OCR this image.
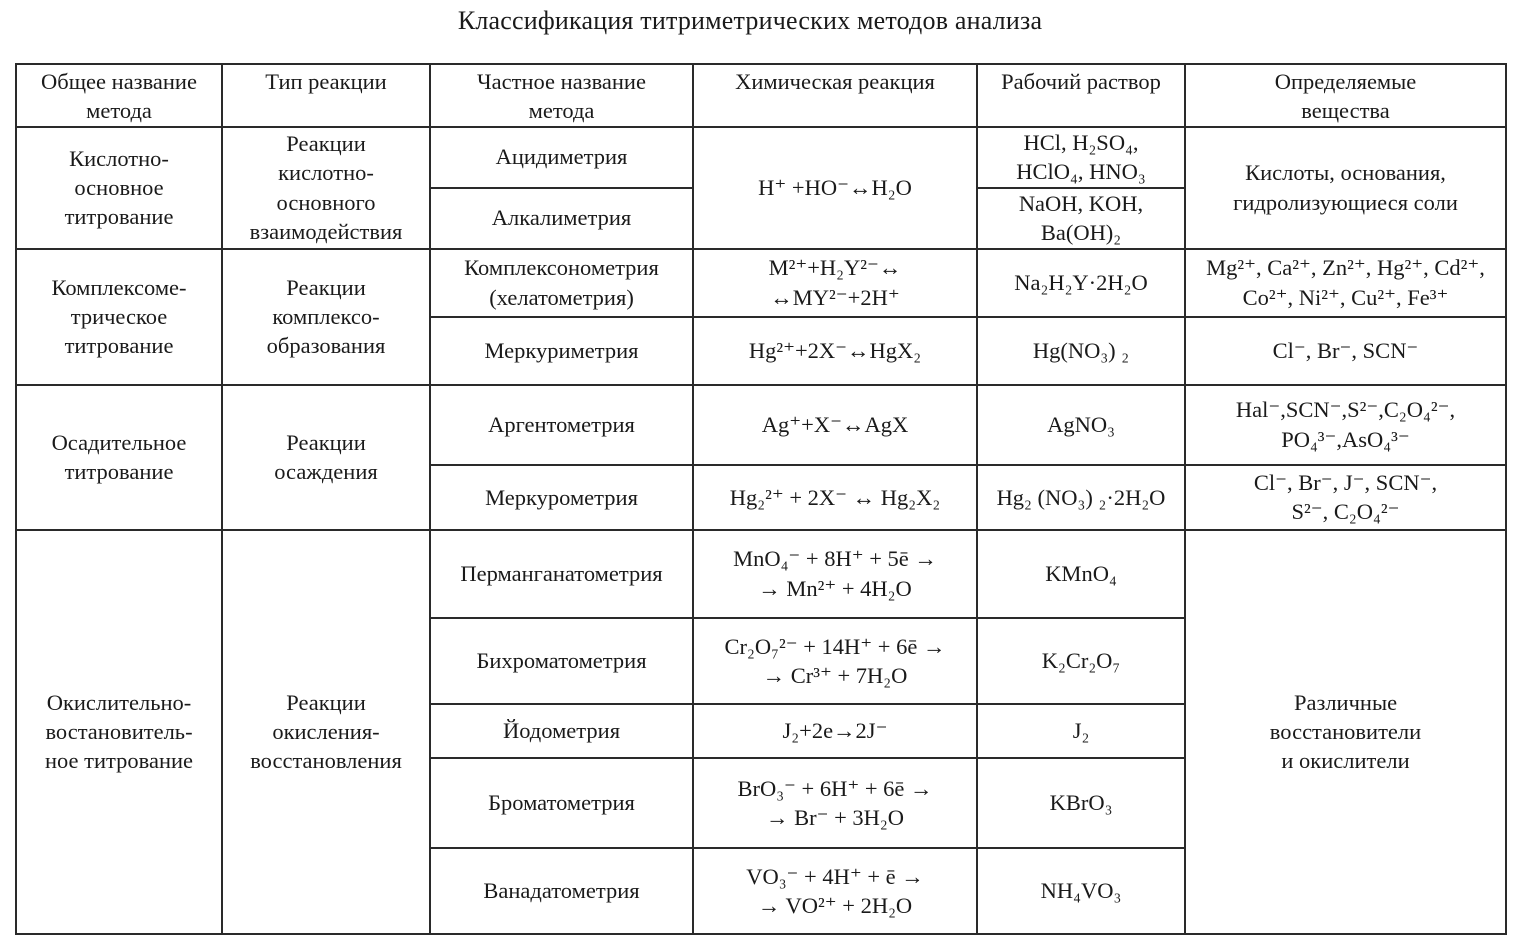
Классификация титриметрических методов анализа
Общее название
метода	Тип реакции	Частное название
метода	Химическая реакция	Рабочий раствор	Определяемые
вещества

Кислотно-
основное
титрование	Реакции
кислотно-
основного
взаимодействия	Ацидиметрия	H⁺ +HO⁻↔H₂O	HCl, H₂SO₄,
HClO₄, HNO₃	Кислоты, основания,
гидролизующиеся соли

		Алкалиметрия		NaOH, KOH,
Ba(OH)₂	

Комплексоме-
трическое
титрование	Реакции
комплексо-
образования	Комплексонометрия
(хелатометрия)	M²⁺+H₂Y²⁻↔
↔MY²⁻+2H⁺	Na₂H₂Y·2H₂O	Mg²⁺, Ca²⁺, Zn²⁺, Hg²⁺, Cd²⁺,
Co²⁺, Ni²⁺, Cu²⁺, Fe³⁺

		Меркуриметрия	Hg²⁺+2X⁻↔HgX₂	Hg(NO₃) ₂	Cl⁻, Br⁻, SCN⁻

Осадительное
титрование	Реакции
осаждения	Аргентометрия	Ag⁺+X⁻↔AgX	AgNO₃	Hal⁻,SCN⁻,S²⁻,C₂O₄²⁻,
PO₄³⁻,AsO₄³⁻

		Меркурометрия	Hg₂²⁺ + 2X⁻ ↔ Hg₂X₂	Hg₂ (NO₃) ₂·2H₂O	Cl⁻, Br⁻, J⁻, SCN⁻,
S²⁻, C₂O₄²⁻

Окислительно-
востановитель-
ное титрование	Реакции
окисления-
восстановления	Перманганатометрия	MnO₄⁻ + 8H⁺ + 5ē →
→ Mn²⁺ + 4H₂O	KMnO₄	Различные
восстановители
и окислители

		Бихроматометрия	Cr₂O₇²⁻ + 14H⁺ + 6ē →
→ Cr³⁺ + 7H₂O	K₂Cr₂O₇	

		Йодометрия	J₂+2e→2J⁻	J₂	

		Броматометрия	BrO₃⁻ + 6H⁺ + 6ē →
→ Br⁻ + 3H₂O	KBrO₃	

		Ванадатометрия	VO₃⁻ + 4H⁺ + ē →
→ VO²⁺ + 2H₂O	NH₄VO₃	
